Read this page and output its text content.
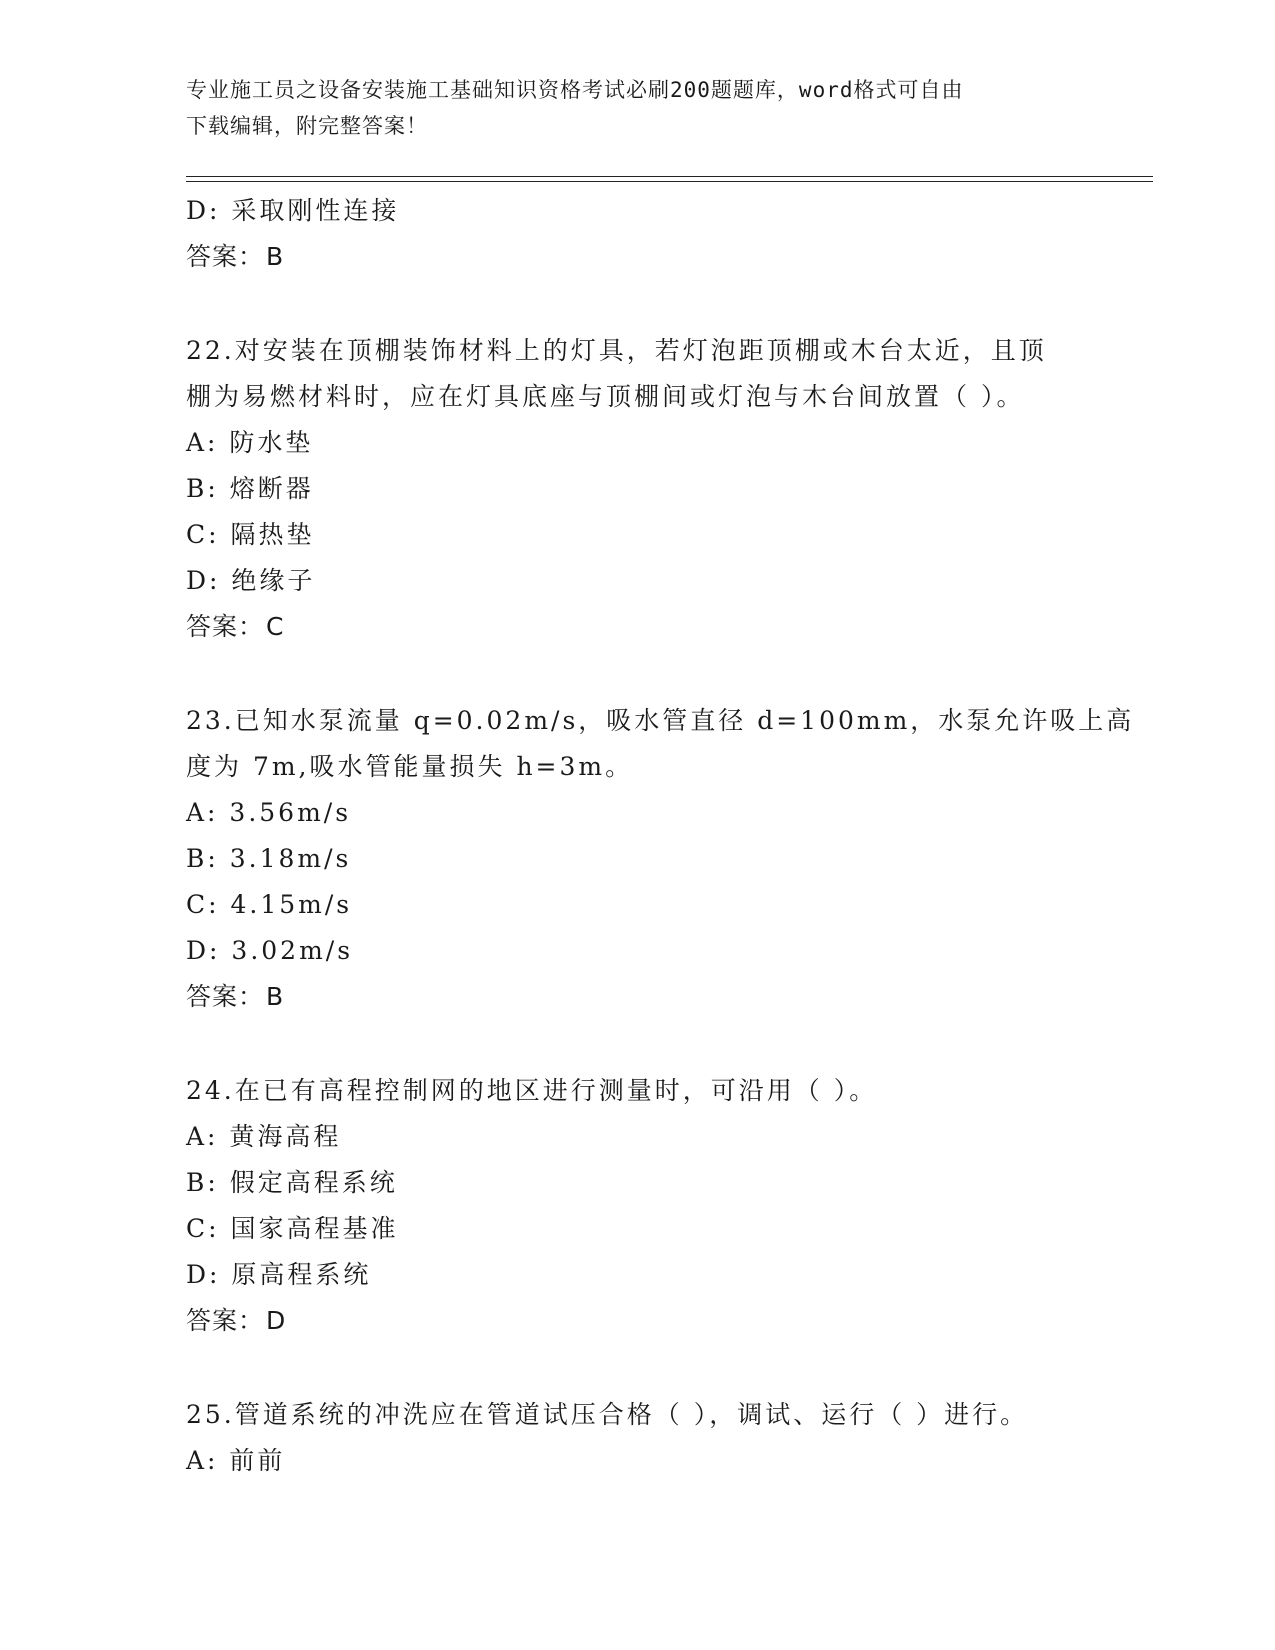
专业施工员之设备安装施工基础知识资格考试必刷200题题库，word格式可自由
下载编辑，附完整答案！
D: 采取刚性连接
答案：B
22.对安装在顶棚装饰材料上的灯具，若灯泡距顶棚或木台太近，且顶
棚为易燃材料时，应在灯具底座与顶棚间或灯泡与木台间放置（ ）。
A: 防水垫
B: 熔断器
C: 隔热垫
D: 绝缘子
答案：C
23.已知水泵流量 q=0.02m/s，吸水管直径 d=100mm，水泵允许吸上高
度为 7m,吸水管能量损失 h=3m。
A: 3.56m/s
B: 3.18m/s
C: 4.15m/s
D: 3.02m/s
答案：B
24.在已有高程控制网的地区进行测量时，可沿用（ ）。
A: 黄海高程
B: 假定高程系统
C: 国家高程基准
D: 原高程系统
答案：D
25.管道系统的冲洗应在管道试压合格（ ），调试、运行（ ）进行。
A: 前前
